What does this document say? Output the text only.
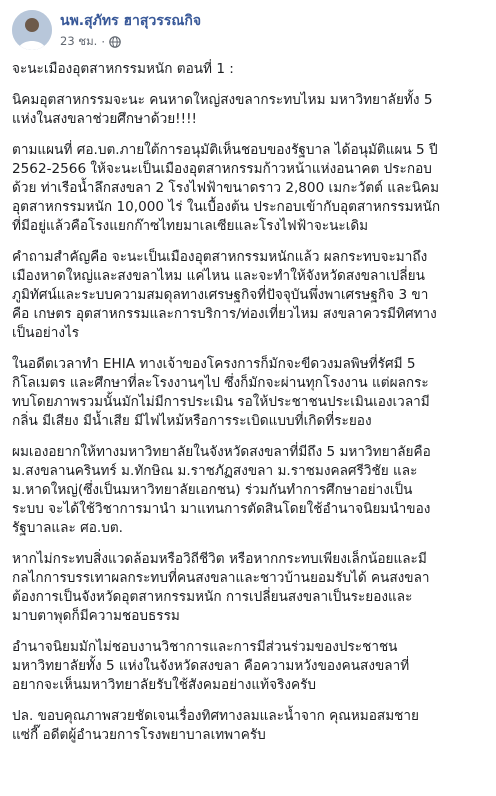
นพ.สุภัทร ฮาสุวรรณกิจ
23 ชม. ·

จะนะเมืองอุตสาหกรรมหนัก ตอนที่ 1 :

นิคมอุตสาหกรรมจะนะ คนหาดใหญ่สงขลากระทบไหม มหาวิทยาลัยทั้ง 5
แห่งในสงขลาช่วยศึกษาด้วย!!!!

ตามแผนที่ ศอ.บต.ภายใต้การอนุมัติเห็นชอบของรัฐบาล ได้อนุมัติแผน 5 ปี
2562-2566 ให้จะนะเป็นเมืองอุตสาหกรรมก้าวหน้าแห่งอนาคต ประกอบ
ด้วย ท่าเรือน้ำลึกสงขลา 2 โรงไฟฟ้าขนาดราว 2,800 เมกะวัตต์ และนิคม
อุตสาหกรรมหนัก 10,000 ไร่ ในเบื้องต้น ประกอบเข้ากับอุตสาหกรรมหนัก
ที่มีอยู่แล้วคือโรงแยกก๊าซไทยมาเลเซียและโรงไฟฟ้าจะนะเดิม

คำถามสำคัญคือ จะนะเป็นเมืองอุตสาหกรรมหนักแล้ว ผลกระทบจะมาถึง
เมืองหาดใหญ่และสงขลาไหม แค่ไหน และจะทำให้จังหวัดสงขลาเปลี่ยน
ภูมิทัศน์และระบบความสมดุลทางเศรษฐกิจที่ปัจจุบันพึ่งพาเศรษฐกิจ 3 ขา
คือ เกษตร อุตสาหกรรมและการบริการ/ท่องเที่ยวไหม สงขลาควรมีทิศทาง
เป็นอย่างไร

ในอดีตเวลาทำ EHIA ทางเจ้าของโครงการก็มักจะขีดวงมลพิษที่รัศมี 5
กิโลเมตร และศึกษาที่ละโรงงานๆไป ซึ่งก็มักจะผ่านทุกโรงงาน แต่ผลกระ
ทบโดยภาพรวมนั้นมักไม่มีการประเมิน รอให้ประชาชนประเมินเองเวลามี
กลิ่น มีเสียง มีน้ำเสีย มีไฟไหม้หรือการระเบิดแบบที่เกิดที่ระยอง

ผมเองอยากให้ทางมหาวิทยาลัยในจังหวัดสงขลาที่มีถึง 5 มหาวิทยาลัยคือ
ม.สงขลานครินทร์ ม.ทักษิณ ม.ราชภัฏสงขลา ม.ราชมงคลศรีวิชัย และ
ม.หาดใหญ่(ซึ่งเป็นมหาวิทยาลัยเอกชน) ร่วมกันทำการศึกษาอย่างเป็น
ระบบ จะได้ใช้วิชาการมานำ มาแทนการตัดสินโดยใช้อำนาจนิยมนำของ
รัฐบาลและ ศอ.บต.

หากไม่กระทบสิ่งแวดล้อมหรือวิถีชีวิต หรือหากกระทบเพียงเล็กน้อยและมี
กลไกการบรรเทาผลกระทบที่คนสงขลาและชาวบ้านยอมรับได้ คนสงขลา
ต้องการเป็นจังหวัดอุตสาหกรรมหนัก การเปลี่ยนสงขลาเป็นระยองและ
มาบตาพุดก็มีความชอบธรรม

อำนาจนิยมมักไม่ชอบงานวิชาการและการมีส่วนร่วมของประชาชน
มหาวิทยาลัยทั้ง 5 แห่งในจังหวัดสงขลา คือความหวังของคนสงขลาที่
อยากจะเห็นมหาวิทยาลัยรับใช้สังคมอย่างแท้จริงครับ

ปล. ขอบคุณภาพสวยชัดเจนเรื่องทิศทางลมและน้ำจาก คุณหมอสมชาย
แซ่กี๊ อดีตผู้อำนวยการโรงพยาบาลเทพาครับ
